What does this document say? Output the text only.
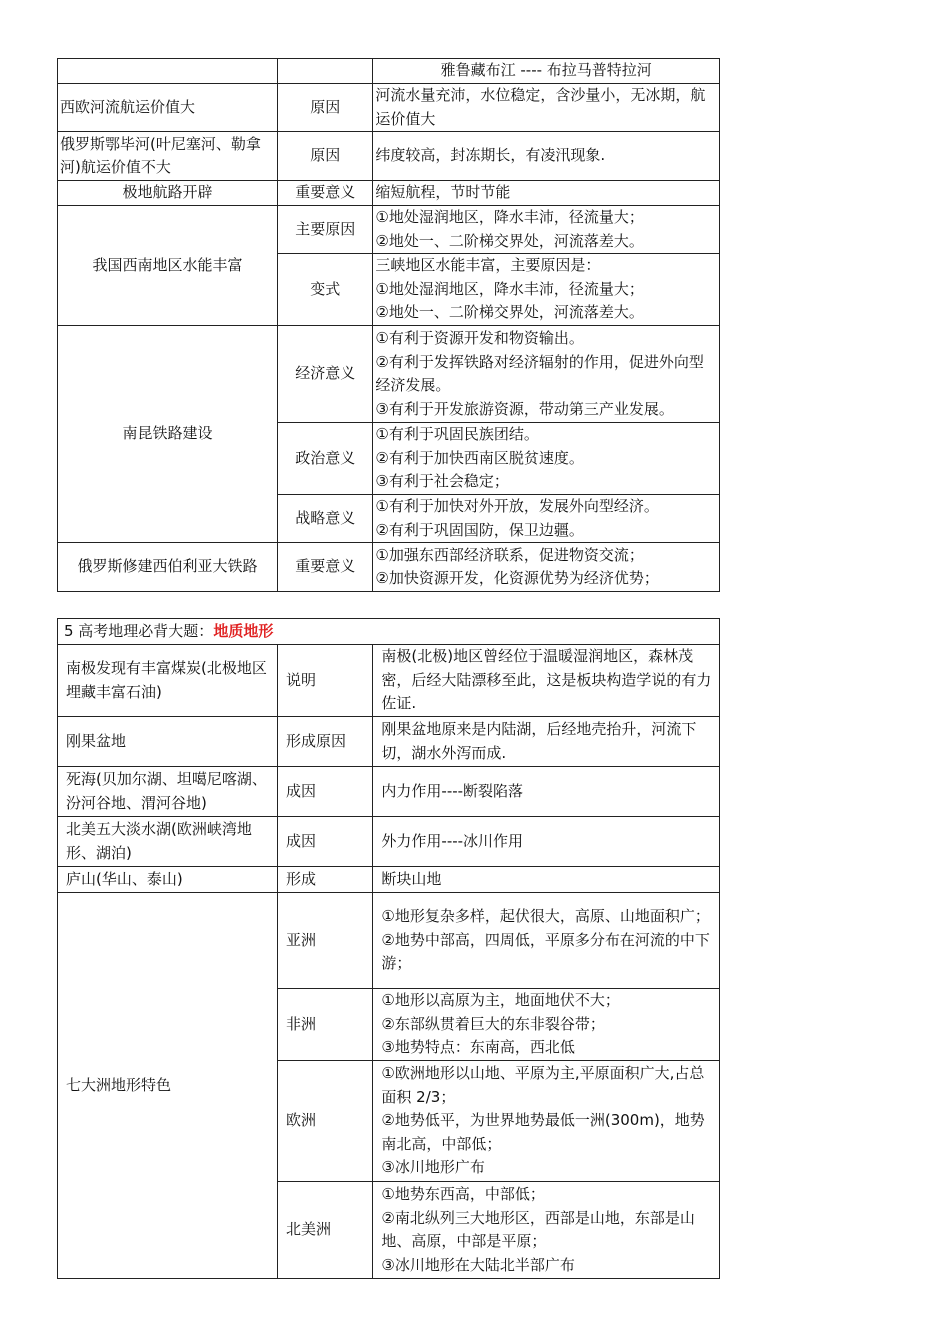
		雅鲁藏布江 ---- 布拉马普特拉河
西欧河流航运价值大	原因	河流水量充沛，水位稳定，含沙量小，无冰期，航运价值大
俄罗斯鄂毕河(叶尼塞河、勒拿河)航运价值不大	原因	纬度较高，封冻期长，有凌汛现象.
极地航路开辟	重要意义	缩短航程，节时节能
我国西南地区水能丰富	主要原因	①地处湿润地区，降水丰沛，径流量大；
②地处一、二阶梯交界处，河流落差大。

	变式	三峡地区水能丰富，主要原因是：
①地处湿润地区，降水丰沛，径流量大；
②地处一、二阶梯交界处，河流落差大。

南昆铁路建设	经济意义	①有利于资源开发和物资输出。
②有利于发挥铁路对经济辐射的作用，促进外向型经济发展。
③有利于开发旅游资源，带动第三产业发展。

	政治意义	①有利于巩固民族团结。
②有利于加快西南区脱贫速度。
③有利于社会稳定；

	战略意义	①有利于加快对外开放，发展外向型经济。
②有利于巩固国防，保卫边疆。

俄罗斯修建西伯利亚大铁路	重要意义	①加强东西部经济联系，促进物资交流；
②加快资源开发，化资源优势为经济优势；
5 高考地理必背大题：地质地形		
南极发现有丰富煤炭(北极地区埋藏丰富石油)	说明	南极(北极)地区曾经位于温暖湿润地区，森林茂密，后经大陆漂移至此，这是板块构造学说的有力佐证.
刚果盆地	形成原因	刚果盆地原来是内陆湖，后经地壳抬升，河流下切，湖水外泻而成.
死海(贝加尔湖、坦噶尼喀湖、汾河谷地、渭河谷地)	成因	内力作用----断裂陷落
北美五大淡水湖(欧洲峡湾地形、湖泊)	成因	外力作用----冰川作用
庐山(华山、泰山)	形成	断块山地
七大洲地形特色	亚洲	①地形复杂多样，起伏很大，高原、山地面积广；
②地势中部高，四周低，平原多分布在河流的中下游；

	非洲	①地形以高原为主，地面地伏不大；
②东部纵贯着巨大的东非裂谷带；
③地势特点：东南高，西北低

	欧洲	①欧洲地形以山地、平原为主,平原面积广大,占总面积 2/3；
②地势低平，为世界地势最低一洲(300m)，地势南北高，中部低；
③冰川地形广布

	北美洲	①地势东西高，中部低；
②南北纵列三大地形区，西部是山地，东部是山地、高原，中部是平原；
③冰川地形在大陆北半部广布
